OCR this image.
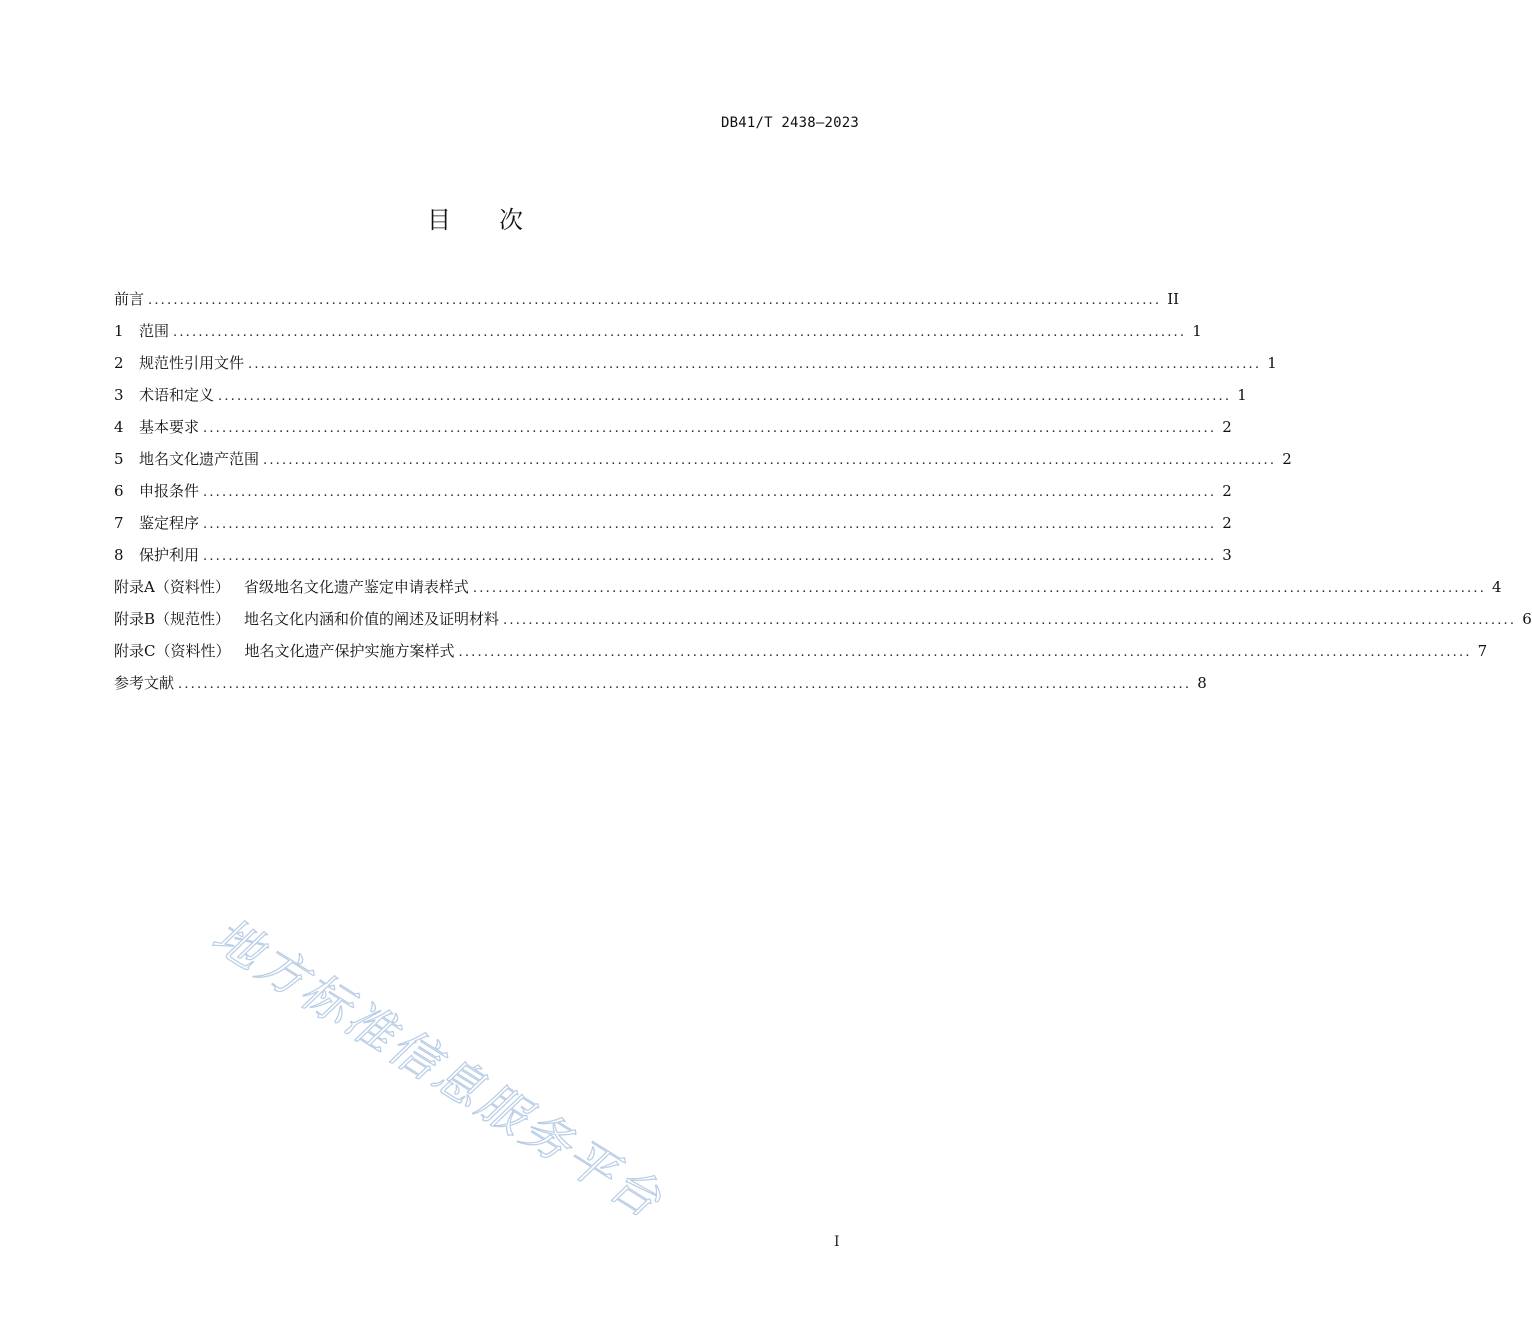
DB41/T 2438—2023
目 次
前言 ................................................................................................................................................................ II
1	范围 ................................................................................................................................................................ 1
2	规范性引用文件 ................................................................................................................................................................ 1
3	术语和定义 ................................................................................................................................................................ 1
4	基本要求 ................................................................................................................................................................ 2
5	地名文化遗产范围 ................................................................................................................................................................ 2
6	申报条件 ................................................................................................................................................................ 2
7	鉴定程序 ................................................................................................................................................................ 2
8	保护利用 ................................................................................................................................................................ 3
附录A（资料性） 省级地名文化遗产鉴定申请表样式 ................................................................................................................................................................ 4
附录B（规范性） 地名文化内涵和价值的阐述及证明材料 ................................................................................................................................................................ 6
附录C（资料性） 地名文化遗产保护实施方案样式 ................................................................................................................................................................ 7
参考文献 ................................................................................................................................................................ 8
地方标准信息服务平台
I
